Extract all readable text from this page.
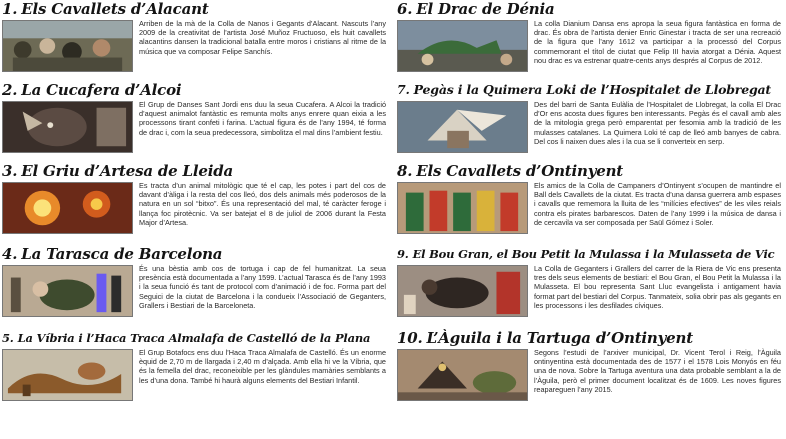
1. Els Cavallets d’Alacant
Arriben de la mà de la Colla de Nanos i Gegants d’Alacant. Nascuts l’any 2009 de la creativitat de l’artista José Muñoz Fructuoso, els huit cavallets alacantins dansen la tradicional batalla entre moros i cristians al ritme de la música que va composar Felipe Sanchís.
2. La Cucafera d’Alcoi
El Grup de Danses Sant Jordi ens duu la seua Cucafera. A Alcoi la tradició d’aquest animalot fantàstic es remunta molts anys enrere quan eixia a les processons tirant confeti i farina. L’actual figura és de l’any 1994, té forma de drac i, com la seua predecessora, simbolitza el mal dins l’ambient festiu.
3. El Griu d’Artesa de Lleida
Es tracta d’un animal mitològic que té el cap, les potes i part del cos de davant d’àliga i la resta del cos lleó, dos dels animals més poderosos de la natura en un sol “bitxo”. És una representació del mal, té caràcter feroge i llança foc pirotècnic. Va ser batejat el 8 de juliol de 2006 durant la Festa Major d’Artesa.
4. La Tarasca de Barcelona
És una bèstia amb cos de tortuga i cap de fel humanitzat. La seua presència està documentada a l’any 1599. L’actual Tarasca és de l’any 1993 i la seua funció és tant de protocol com d’animació i de foc. Forma part del Seguici de la ciutat de Barcelona i la condueix l’Associació de Geganters, Grallers i Bestiari de la Barceloneta.
5. La Víbria i l’Haca Traca Almalafa de Castelló de la Plana
El Grup Botafocs ens duu l’Haca Traca Almalafa de Castelló. És un enorme èquid de 2,70 m de llargada i 2,40 m d’alçada. Amb ella hi ve la Víbria, que és la femella del drac, reconeixible per les glàndules mamàries semblants a les d’una dona. També hi haurà alguns elements del Bestiari Infantil.
6. El Drac de Dénia
La colla Dianium Dansa ens apropa la seua figura fantàstica en forma de drac. És obra de l’artista denier Enric Ginestar i tracta de ser una recreació de la figura que l’any 1612 va participar a la processó del Corpus commemorant el títol de ciutat que Felip III havia atorgat a Dénia. Aquest nou drac es va estrenar quatre-cents anys després al Corpus de 2012.
7. Pegàs i la Quimera Loki de l’Hospitalet de Llobregat
Des del barri de Santa Eulàlia de l’Hospitalet de Llobregat, la colla El Drac d’Or ens acosta dues figures ben interessants. Pegàs és el cavall amb ales de la mitologia grega però emparentat per fesomia amb la tradició de les mulasses catalanes. La Quimera Loki té cap de lleó amb banyes de cabra. Del cos li naixen dues ales i la cua se li converteix en serp.
8. Els Cavallets d’Ontinyent
Els amics de la Colla de Campaners d’Ontinyent s’ocupen de mantindre el Ball dels Cavallets de la ciutat. Es tracta d’una dansa guerrera amb espases i cavalls que rememora la lluita de les “milícies efectives” de les viles reials contra els pirates barbarescos. Daten de l’any 1999 i la música de dansa i de cercavila va ser composada per Saül Gómez i Soler.
9. El Bou Gran, el Bou Petit la Mulassa i la Mulasseta de Vic
La Colla de Geganters i Grallers del carrer de la Riera de Vic ens presenta tres dels seus elements de bestiari: el Bou Gran, el Bou Petit la Mulassa i la Mulasseta. El bou representa Sant Lluc evangelista i antigament havia format part del bestiari del Corpus. Tanmateix, solia obrir pas als gegants en les processons i les desfilades cíviques.
10. L’Àguila i la Tartuga d’Ontinyent
Segons l’estudi de l’arxiver municipal, Dr. Vicent Terol i Reig, l’Àguila ontinyentina està documentada des de 1577 i el 1578 Lois Monyós en féu una de nova. Sobre la Tartuga aventura una data probable semblant a la de l’Àguila, però el primer document localitzat és de 1609. Les noves figures reapareguen l’any 2015.
